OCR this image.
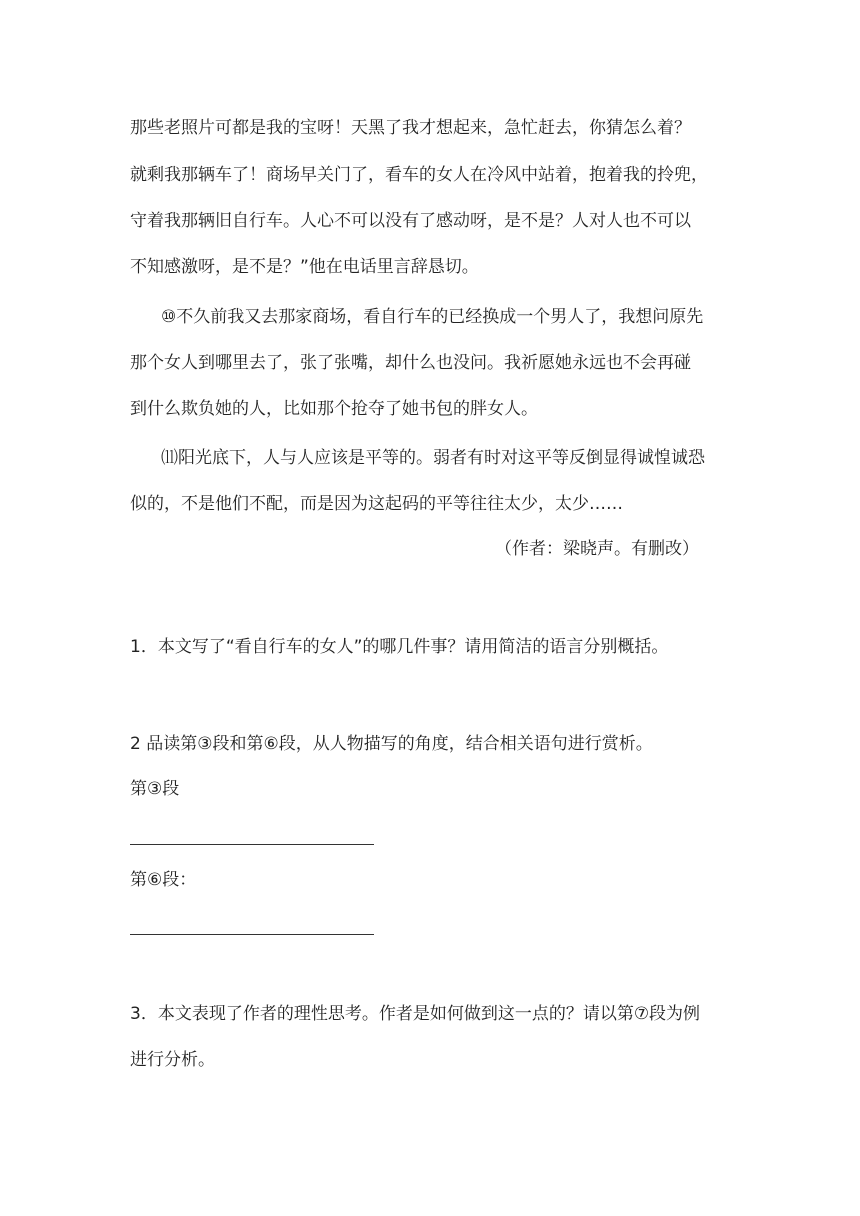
那些老照片可都是我的宝呀！天黑了我才想起来，急忙赶去，你猜怎么着？
就剩我那辆车了！商场早关门了，看车的女人在冷风中站着，抱着我的拎兜，
守着我那辆旧自行车。人心不可以没有了感动呀，是不是？人对人也不可以
不知感激呀，是不是？”他在电话里言辞恳切。
⑩不久前我又去那家商场，看自行车的已经换成一个男人了，我想问原先
那个女人到哪里去了，张了张嘴，却什么也没问。我祈愿她永远也不会再碰
到什么欺负她的人，比如那个抢夺了她书包的胖女人。
⑾阳光底下，人与人应该是平等的。弱者有时对这平等反倒显得诚惶诚恐
似的，不是他们不配，而是因为这起码的平等往往太少，太少……
（作者：梁晓声。有删改）
1．本文写了“看自行车的女人”的哪几件事？请用简洁的语言分别概括。
2 品读第③段和第⑥段，从人物描写的角度，结合相关语句进行赏析。
第③段
第⑥段：
3．本文表现了作者的理性思考。作者是如何做到这一点的？请以第⑦段为例
进行分析。
